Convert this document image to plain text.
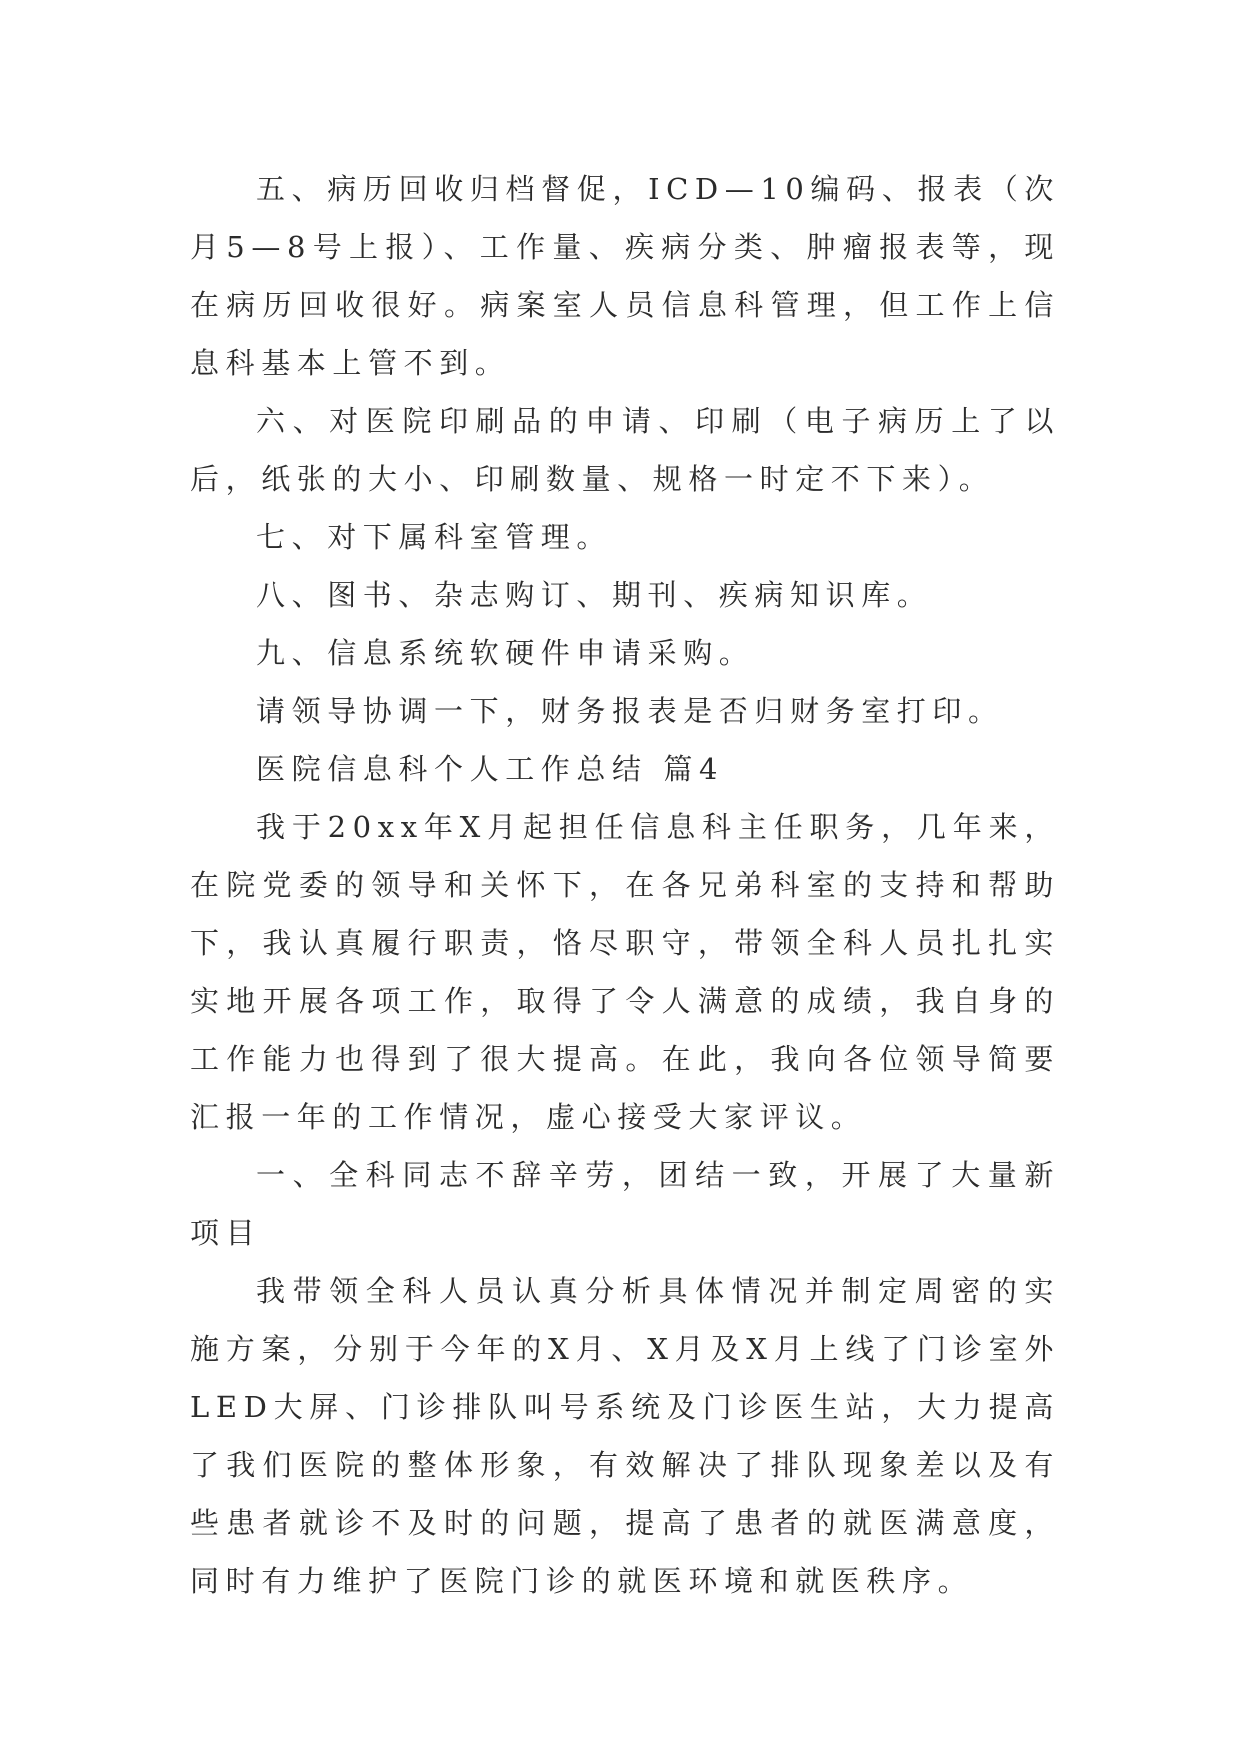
五、病历回收归档督促，ICD—10编码、报表（次月5—8号上报）、工作量、疾病分类、肿瘤报表等，现在病历回收很好。病案室人员信息科管理，但工作上信息科基本上管不到。

六、对医院印刷品的申请、印刷（电子病历上了以后，纸张的大小、印刷数量、规格一时定不下来）。

七、对下属科室管理。

八、图书、杂志购订、期刊、疾病知识库。

九、信息系统软硬件申请采购。

请领导协调一下，财务报表是否归财务室打印。

医院信息科个人工作总结 篇4

我于20xx年X月起担任信息科主任职务，几年来，在院党委的领导和关怀下，在各兄弟科室的支持和帮助下，我认真履行职责，恪尽职守，带领全科人员扎扎实实地开展各项工作，取得了令人满意的成绩，我自身的工作能力也得到了很大提高。在此，我向各位领导简要汇报一年的工作情况，虚心接受大家评议。

一、全科同志不辞辛劳，团结一致，开展了大量新项目

我带领全科人员认真分析具体情况并制定周密的实施方案，分别于今年的X月、X月及X月上线了门诊室外LED大屏、门诊排队叫号系统及门诊医生站，大力提高了我们医院的整体形象，有效解决了排队现象差以及有些患者就诊不及时的问题，提高了患者的就医满意度，同时有力维护了医院门诊的就医环境和就医秩序。
